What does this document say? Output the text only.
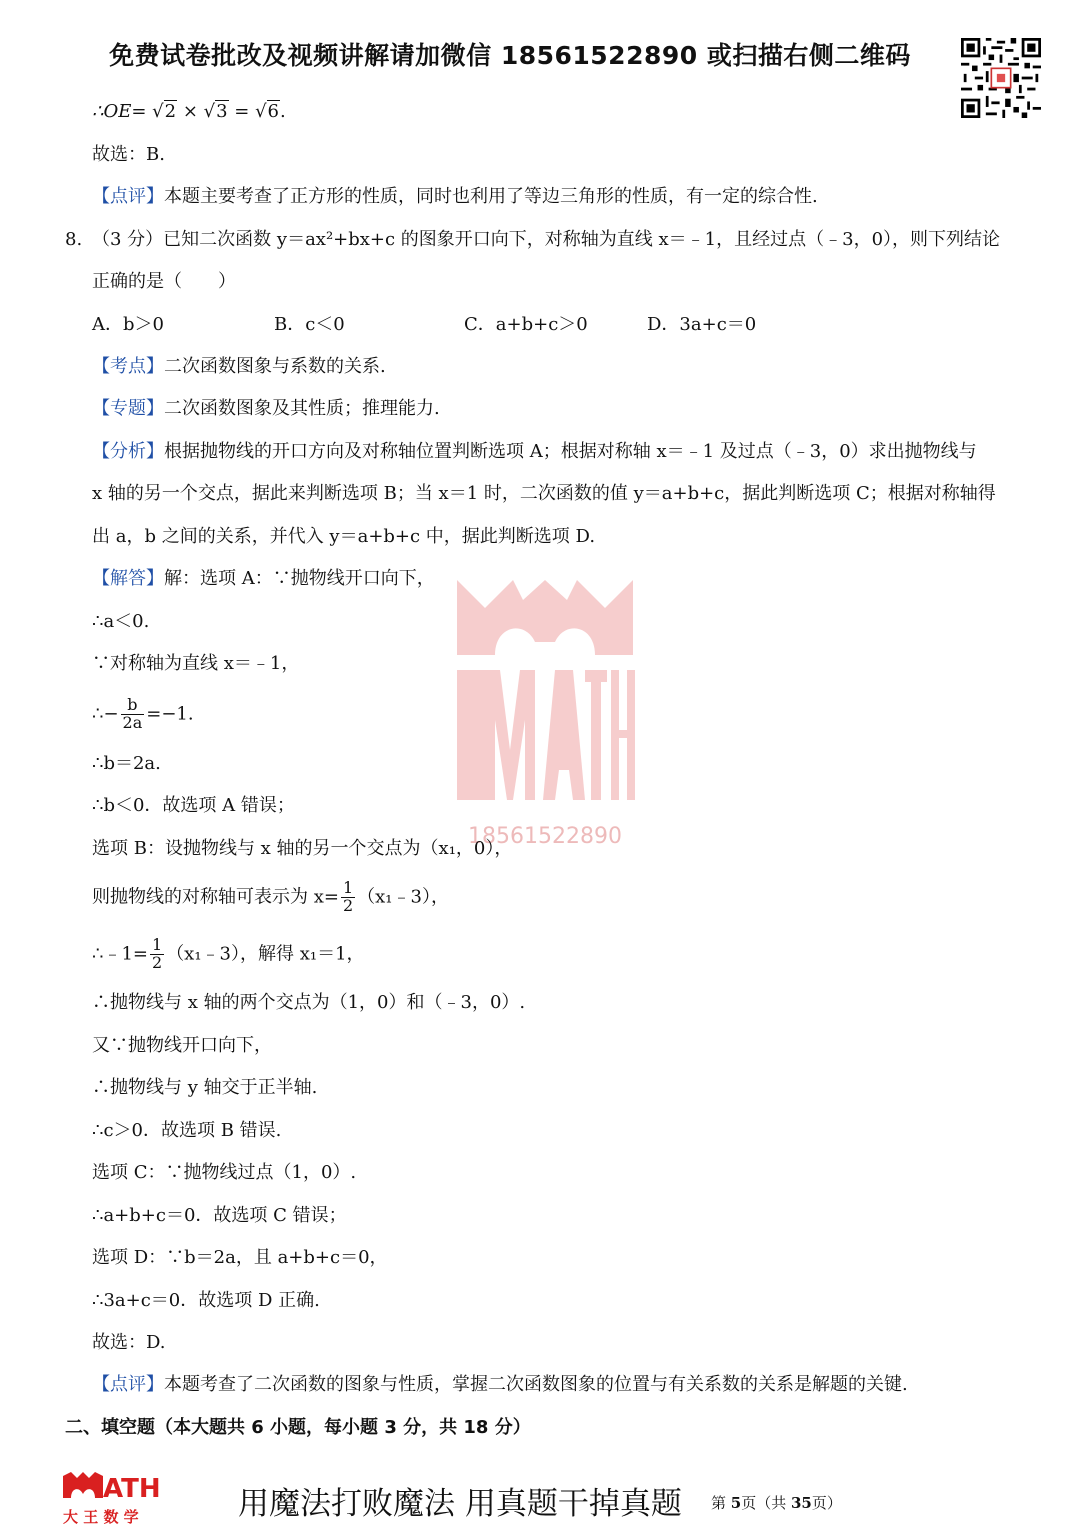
免费试卷批改及视频讲解请加微信 18561522890 或扫描右侧二维码
18561522890
∴OE= √2 × √3 = √6.
故选：B.
【点评】本题主要考查了正方形的性质，同时也利用了等边三角形的性质，有一定的综合性.
8. （3 分）已知二次函数 y＝ax²+bx+c 的图象开口向下，对称轴为直线 x＝﹣1，且经过点（﹣3，0），则下列结论
正确的是（　　）
A．b＞0	B．c＜0	C．a+b+c＞0	D．3a+c＝0
【考点】二次函数图象与系数的关系.
【专题】二次函数图象及其性质；推理能力.
【分析】根据抛物线的开口方向及对称轴位置判断选项 A；根据对称轴 x＝﹣1 及过点（﹣3，0）求出抛物线与
x 轴的另一个交点，据此来判断选项 B；当 x＝1 时，二次函数的值 y＝a+b+c，据此判断选项 C；根据对称轴得
出 a，b 之间的关系，并代入 y＝a+b+c 中，据此判断选项 D.
【解答】解：选项 A：∵抛物线开口向下，
∴a＜0.
∵对称轴为直线 x＝﹣1，
∴− $\frac{b}{2a} =-1$.
∴b＝2a.
∴b＜0．故选项 A 错误；
选项 B：设抛物线与 x 轴的另一个交点为（x₁，0），
则抛物线的对称轴可表示为 $x= \frac{1}{2}$ （x₁﹣3），
∴﹣1= $\frac{1}{2}$ （x₁﹣3），解得 x₁＝1，
∴抛物线与 x 轴的两个交点为（1，0）和（﹣3，0）.
又∵抛物线开口向下，
∴抛物线与 y 轴交于正半轴.
∴c＞0．故选项 B 错误.
选项 C：∵抛物线过点（1，0）.
∴a+b+c＝0．故选项 C 错误；
选项 D：∵b＝2a，且 a+b+c＝0，
∴3a+c＝0．故选项 D 正确.
故选：D.
【点评】本题考查了二次函数的图象与性质，掌握二次函数图象的位置与有关系数的关系是解题的关键.
二、填空题（本大题共 6 小题，每小题 3 分，共 18 分）
ATH
大 王 数 学	用魔法打败魔法 用真题干掉真题 第 5页（共 35页）
